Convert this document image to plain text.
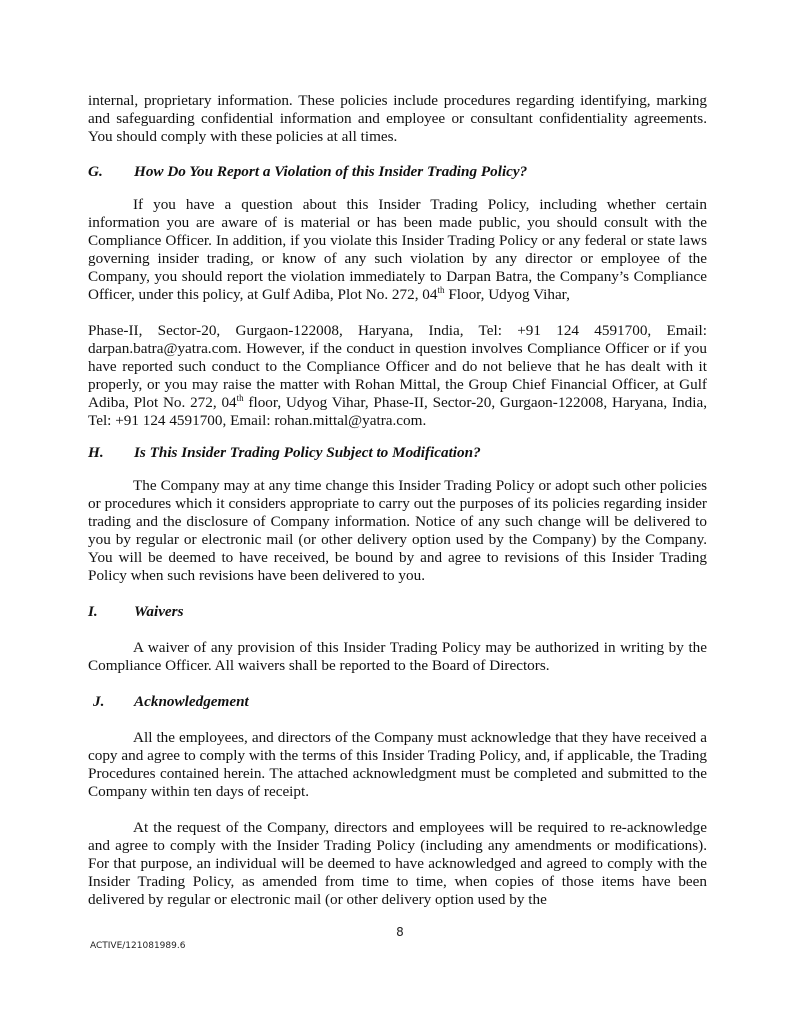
internal, proprietary information. These policies include procedures regarding identifying, marking and safeguarding confidential information and employee or consultant confidentiality agreements. You should comply with these policies at all times.

G. How Do You Report a Violation of this Insider Trading Policy?

If you have a question about this Insider Trading Policy, including whether certain information you are aware of is material or has been made public, you should consult with the Compliance Officer. In addition, if you violate this Insider Trading Policy or any federal or state laws governing insider trading, or know of any such violation by any director or employee of the Company, you should report the violation immediately to Darpan Batra, the Company’s Compliance Officer, under this policy, at Gulf Adiba, Plot No. 272, 04th Floor, Udyog Vihar,

Phase-II, Sector-20, Gurgaon-122008, Haryana, India, Tel: +91 124 4591700, Email: darpan.batra@yatra.com. However, if the conduct in question involves Compliance Officer or if you have reported such conduct to the Compliance Officer and do not believe that he has dealt with it properly, or you may raise the matter with Rohan Mittal, the Group Chief Financial Officer, at Gulf Adiba, Plot No. 272, 04th floor, Udyog Vihar, Phase-II, Sector-20, Gurgaon-122008, Haryana, India, Tel: +91 124 4591700, Email: rohan.mittal@yatra.com.

H. Is This Insider Trading Policy Subject to Modification?

The Company may at any time change this Insider Trading Policy or adopt such other policies or procedures which it considers appropriate to carry out the purposes of its policies regarding insider trading and the disclosure of Company information. Notice of any such change will be delivered to you by regular or electronic mail (or other delivery option used by the Company) by the Company. You will be deemed to have received, be bound by and agree to revisions of this Insider Trading Policy when such revisions have been delivered to you.

I. Waivers

A waiver of any provision of this Insider Trading Policy may be authorized in writing by the Compliance Officer. All waivers shall be reported to the Board of Directors.

J. Acknowledgement

All the employees, and directors of the Company must acknowledge that they have received a copy and agree to comply with the terms of this Insider Trading Policy, and, if applicable, the Trading Procedures contained herein. The attached acknowledgment must be completed and submitted to the Company within ten days of receipt.

At the request of the Company, directors and employees will be required to re-acknowledge and agree to comply with the Insider Trading Policy (including any amendments or modifications). For that purpose, an individual will be deemed to have acknowledged and agreed to comply with the Insider Trading Policy, as amended from time to time, when copies of those items have been delivered by regular or electronic mail (or other delivery option used by the

8
ACTIVE/121081989.6
